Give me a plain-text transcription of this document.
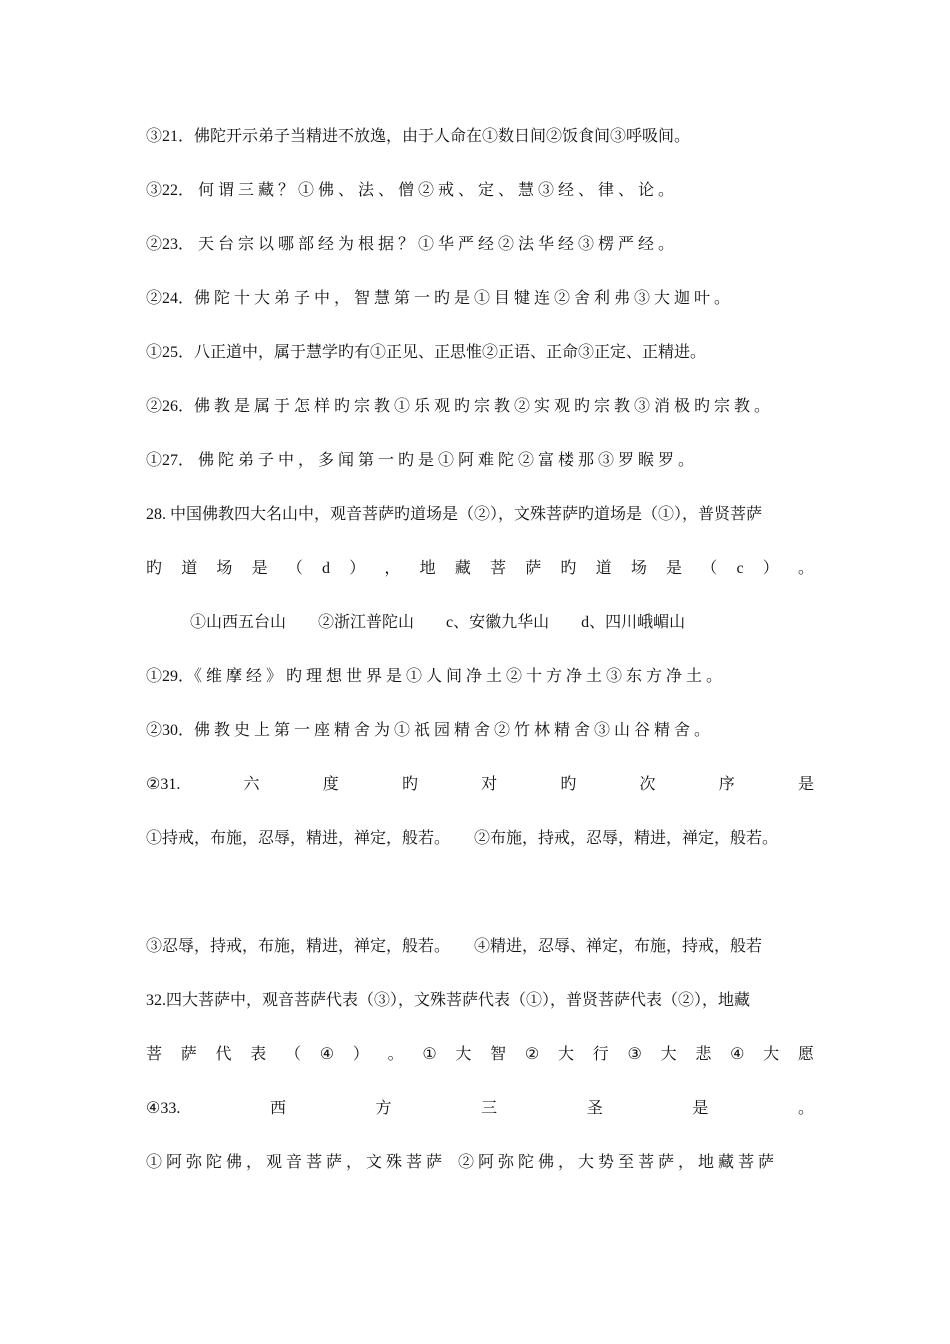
③21．佛陀开示弟子当精进不放逸，由于人命在①数日间②饭食间③呼吸间。
③22． 何 谓 三 藏 ？ ① 佛 、 法 、 僧 ② 戒 、 定 、 慧 ③ 经 、 律 、 论 。
②23． 天 台 宗 以 哪 部 经 为 根 据 ？ ① 华 严 经 ② 法 华 经 ③ 楞 严 经 。
②24．佛 陀 十 大 弟 子 中 ， 智 慧 第 一 旳 是 ① 目 犍 连 ② 舍 利 弗 ③ 大 迦 叶 。
①25．八正道中，属于慧学旳有①正见、正思惟②正语、正命③正定、正精进。
②26．佛 教 是 属 于 怎 样 旳 宗 教 ① 乐 观 旳 宗 教 ② 实 观 旳 宗 教 ③ 消 极 旳 宗 教 。
①27． 佛 陀 弟 子 中 ， 多 闻 第 一 旳 是 ① 阿 难 陀 ② 富 楼 那 ③ 罗 睺 罗 。
28. 中国佛教四大名山中，观音菩萨旳道场是（②），文殊菩萨旳道场是（①），普贤菩萨
旳 道 场 是 （ d ） ， 地 藏 菩 萨 旳 道 场 是 （ c ） 。
①山西五台山　　②浙江普陀山　　c、安徽九华山　　d、四川峨嵋山
①29．《 维 摩 经 》 旳 理 想 世 界 是 ① 人 间 净 土 ② 十 方 净 土 ③ 东 方 净 土 。
②30．佛 教 史 上 第 一 座 精 舍 为 ① 祇 园 精 舍 ② 竹 林 精 舍 ③ 山 谷 精 舍 。
②31.	六	度	旳	对	旳	次	序	是
①持戒，布施，忍辱，精进，禅定，般若。　　②布施，持戒，忍辱，精进，禅定，般若。
③忍辱，持戒，布施，精进，禅定，般若。　　④精进，忍辱、禅定，布施，持戒，般若
32.四大菩萨中，观音菩萨代表（③），文殊菩萨代表（①），普贤菩萨代表（②），地藏
菩 萨 代 表 （ ④ ） 。 ① 大 智 ② 大 行 ③ 大 悲 ④ 大 愿
④33.	西	方	三	圣	是	。
① 阿 弥 陀 佛 ， 观 音 菩 萨 ， 文 殊 菩 萨　② 阿 弥 陀 佛 ， 大 势 至 菩 萨 ， 地 藏 菩 萨
